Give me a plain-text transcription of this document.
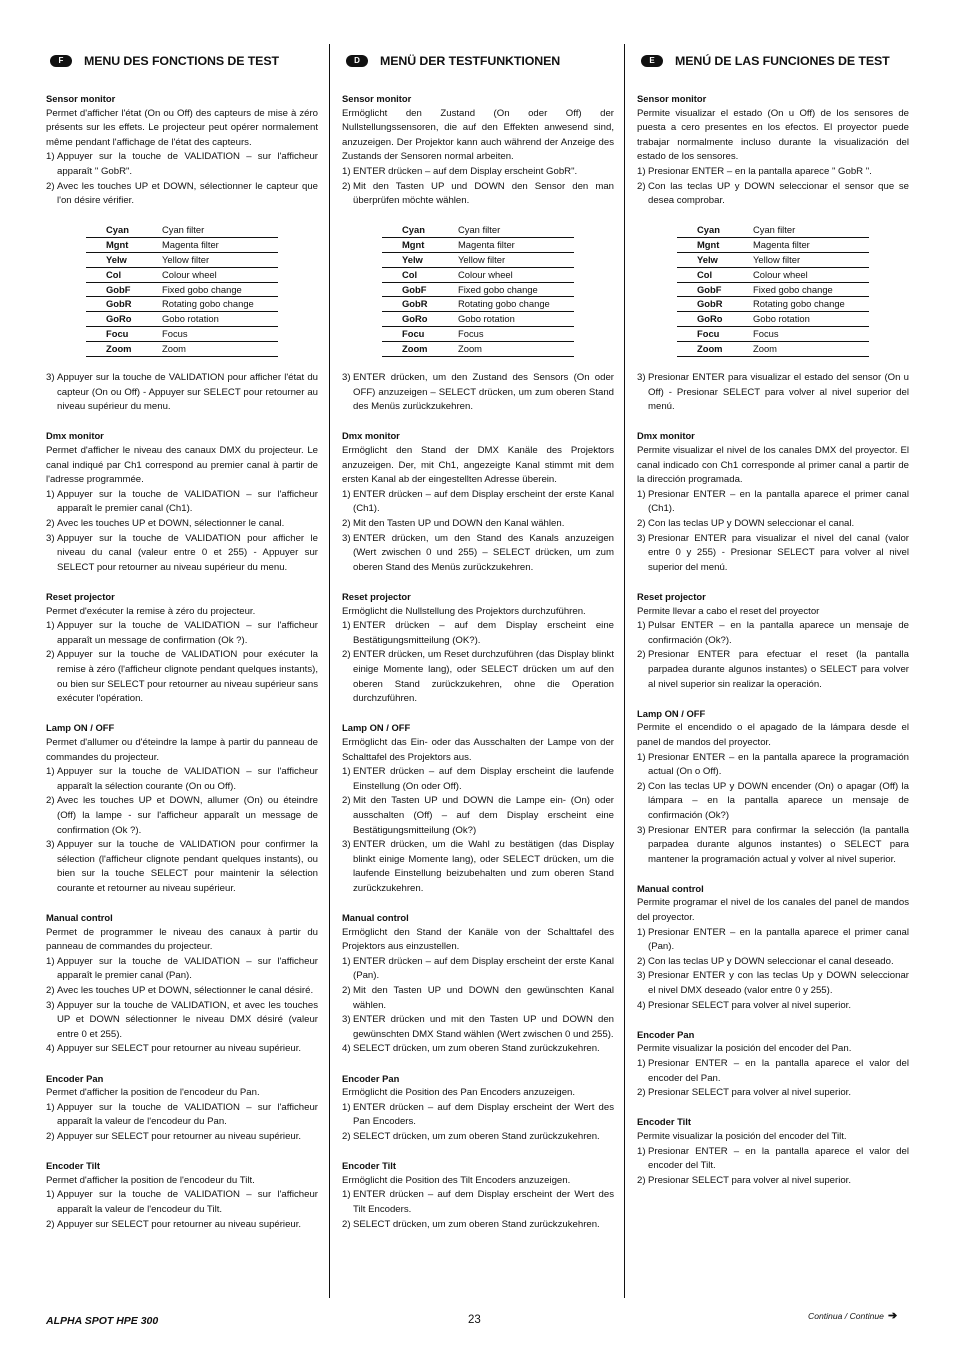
F	MENU DES FONCTIONS DE TEST
Sensor monitor
Permet d'afficher l'état (On ou Off) des capteurs de mise à zéro présents sur les effets. Le projecteur peut opérer normalement même pendant l'affichage de l'état des capteurs.
1) Appuyer sur la touche de VALIDATION – sur l'afficheur apparaît " GobR".
2) Avec les touches UP et DOWN, sélectionner le capteur que l'on désire vérifier.
Cyan	Cyan filter
Mgnt	Magenta filter
Yelw	Yellow filter
Col	Colour wheel
GobF	Fixed gobo change
GobR	Rotating gobo change
GoRo	Gobo rotation
Focu	Focus
Zoom	Zoom
3) Appuyer sur la touche de VALIDATION pour afficher l'état du capteur (On ou Off) - Appuyer sur SELECT pour retourner au niveau supérieur du menu.
Dmx monitor
Permet d'afficher le niveau des canaux DMX du projecteur. Le canal indiqué par Ch1 correspond au premier canal à partir de l'adresse programmée.
1) Appuyer sur la touche de VALIDATION – sur l'afficheur apparaît le premier canal (Ch1).
2) Avec les touches UP et DOWN, sélectionner le canal.
3) Appuyer sur la touche de VALIDATION pour afficher le niveau du canal (valeur entre 0 et 255) - Appuyer sur SELECT pour retourner au niveau supérieur du menu.
Reset projector
Permet d'exécuter la remise à zéro du projecteur.
1) Appuyer sur la touche de VALIDATION – sur l'afficheur apparaît un message de confirmation (Ok ?).
2) Appuyer sur la touche de VALIDATION pour exécuter la remise à zéro (l'afficheur clignote pendant quelques instants), ou bien sur SELECT pour retourner au niveau supérieur sans exécuter l'opération.
Lamp ON / OFF
Permet d'allumer ou d'éteindre la lampe à partir du panneau de commandes du projecteur.
1) Appuyer sur la touche de VALIDATION – sur l'afficheur apparaît la sélection courante (On ou Off).
2) Avec les touches UP et DOWN, allumer (On) ou éteindre (Off) la lampe - sur l'afficheur apparaît un message de confirmation (Ok ?).
3) Appuyer sur la touche de VALIDATION pour confirmer la sélection (l'afficheur clignote pendant quelques instants), ou bien sur la touche SELECT pour maintenir la sélection courante et retourner au niveau supérieur.
Manual control
Permet de programmer le niveau des canaux à partir du panneau de commandes du projecteur.
1) Appuyer sur la touche de VALIDATION – sur l'afficheur apparaît le premier canal (Pan).
2) Avec les touches UP et DOWN, sélectionner le canal désiré.
3) Appuyer sur la touche de VALIDATION, et avec les touches UP et DOWN sélectionner le niveau DMX désiré (valeur entre 0 et 255).
4) Appuyer sur SELECT pour retourner au niveau supérieur.
Encoder Pan
Permet d'afficher la position de l'encodeur du Pan.
1) Appuyer sur la touche de VALIDATION – sur l'afficheur apparaît la valeur de l'encodeur du Pan.
2) Appuyer sur SELECT pour retourner au niveau supérieur.
Encoder Tilt
Permet d'afficher la position de l'encodeur du Tilt.
1) Appuyer sur la touche de VALIDATION – sur l'afficheur apparaît la valeur de l'encodeur du Tilt.
2) Appuyer sur SELECT pour retourner au niveau supérieur.
D	MENÜ DER TESTFUNKTIONEN
Sensor monitor
Ermöglicht den Zustand (On oder Off) der Nullstellungssensoren, die auf den Effekten anwesend sind, anzuzeigen. Der Projektor kann auch während der Anzeige des Zustands der Sensoren normal arbeiten.
1) ENTER drücken – auf dem Display erscheint GobR".
2) Mit den Tasten UP und DOWN den Sensor den man überprüfen möchte wählen.
Cyan	Cyan filter
Mgnt	Magenta filter
Yelw	Yellow filter
Col	Colour wheel
GobF	Fixed gobo change
GobR	Rotating gobo change
GoRo	Gobo rotation
Focu	Focus
Zoom	Zoom
3) ENTER drücken, um den Zustand des Sensors (On oder OFF) anzuzeigen – SELECT drücken, um zum oberen Stand des Menüs zurückzukehren.
Dmx monitor
Ermöglicht den Stand der DMX Kanäle des Projektors anzuzeigen. Der, mit Ch1, angezeigte Kanal stimmt mit dem ersten Kanal ab der eingestellten Adresse überein.
1) ENTER drücken – auf dem Display erscheint der erste Kanal (Ch1).
2) Mit den Tasten UP und DOWN den Kanal wählen.
3) ENTER drücken, um den Stand des Kanals anzuzeigen (Wert zwischen 0 und 255) – SELECT drücken, um zum oberen Stand des Menüs zurückzukehren.
Reset projector
Ermöglicht die Nullstellung des Projektors durchzuführen.
1) ENTER drücken – auf dem Display erscheint eine Bestätigungsmitteilung (OK?).
2) ENTER drücken, um Reset durchzuführen (das Display blinkt einige Momente lang), oder SELECT drücken um auf den oberen Stand zurückzukehren, ohne die Operation durchzuführen.
Lamp ON / OFF
Ermöglicht das Ein- oder das Ausschalten der Lampe von der Schalttafel des Projektors aus.
1) ENTER drücken – auf dem Display erscheint die laufende Einstellung (On oder Off).
2) Mit den Tasten UP und DOWN die Lampe ein- (On) oder ausschalten (Off) – auf dem Display erscheint eine Bestätigungsmitteilung (Ok?)
3) ENTER drücken, um die Wahl zu bestätigen (das Display blinkt einige Momente lang), oder SELECT drücken, um die laufende Einstellung beizubehalten und zum oberen Stand zurückzukehren.
Manual control
Ermöglicht den Stand der Kanäle von der Schalttafel des Projektors aus einzustellen.
1) ENTER drücken – auf dem Display erscheint der erste Kanal (Pan).
2) Mit den Tasten UP und DOWN den gewünschten Kanal wählen.
3) ENTER drücken und mit den Tasten UP und DOWN den gewünschten DMX Stand wählen (Wert zwischen 0 und 255).
4) SELECT drücken, um zum oberen Stand zurückzukehren.
Encoder Pan
Ermöglicht die Position des Pan Encoders anzuzeigen.
1) ENTER drücken – auf dem Display erscheint der Wert des Pan Encoders.
2) SELECT drücken, um zum oberen Stand zurückzukehren.
Encoder Tilt
Ermöglicht die Position des Tilt Encoders anzuzeigen.
1) ENTER drücken – auf dem Display erscheint der Wert des Tilt Encoders.
2) SELECT drücken, um zum oberen Stand zurückzukehren.
E	MENÚ DE LAS FUNCIONES DE TEST
Sensor monitor
Permite visualizar el estado (On u Off) de los sensores de puesta a cero presentes en los efectos. El proyector puede trabajar normalmente incluso durante la visualización del estado de los sensores.
1) Presionar ENTER – en la pantalla aparece " GobR ".
2) Con las teclas UP y DOWN seleccionar el sensor que se desea comprobar.
Cyan	Cyan filter
Mgnt	Magenta filter
Yelw	Yellow filter
Col	Colour wheel
GobF	Fixed gobo change
GobR	Rotating gobo change
GoRo	Gobo rotation
Focu	Focus
Zoom	Zoom
3) Presionar ENTER para visualizar el estado del sensor (On u Off) - Presionar SELECT para volver al nivel superior del menú.
Dmx monitor
Permite visualizar el nivel de los canales DMX del proyector. El canal indicado con Ch1 corresponde al primer canal a partir de la dirección programada.
1) Presionar ENTER – en la pantalla aparece el primer canal (Ch1).
2) Con las teclas UP y DOWN seleccionar el canal.
3) Presionar ENTER para visualizar el nivel del canal (valor entre 0 y 255) - Presionar SELECT para volver al nivel superior del menú.
Reset projector
Permite llevar a cabo el reset del proyector
1) Pulsar ENTER – en la pantalla aparece un mensaje de confirmación (Ok?).
2) Presionar ENTER para efectuar el reset (la pantalla parpadea durante algunos instantes) o SELECT para volver al nivel superior sin realizar la operación.
Lamp ON / OFF
Permite el encendido o el apagado de la lámpara desde el panel de mandos del proyector.
1) Presionar ENTER – en la pantalla aparece la programación actual (On o Off).
2) Con las teclas UP y DOWN encender (On) o apagar (Off) la lámpara – en la pantalla aparece un mensaje de confirmación (Ok?)
3) Presionar ENTER para confirmar la selección (la pantalla parpadea durante algunos instantes) o SELECT para mantener la programación actual y volver al nivel superior.
Manual control
Permite programar el nivel de los canales del panel de mandos del proyector.
1) Presionar ENTER – en la pantalla aparece el primer canal (Pan).
2) Con las teclas UP y DOWN seleccionar el canal deseado.
3) Presionar ENTER y con las teclas Up y DOWN seleccionar el nivel DMX deseado (valor entre 0 y 255).
4) Presionar SELECT para volver al nivel superior.
Encoder Pan
Permite visualizar la posición del encoder del Pan.
1) Presionar ENTER – en la pantalla aparece el valor del encoder del Pan.
2) Presionar SELECT para volver al nivel superior.
Encoder Tilt
Permite visualizar la posición del encoder del Tilt.
1) Presionar ENTER – en la pantalla aparece el valor del encoder del Tilt.
2) Presionar SELECT para volver al nivel superior.
ALPHA SPOT HPE 300	23	Continua / Continue ➔
